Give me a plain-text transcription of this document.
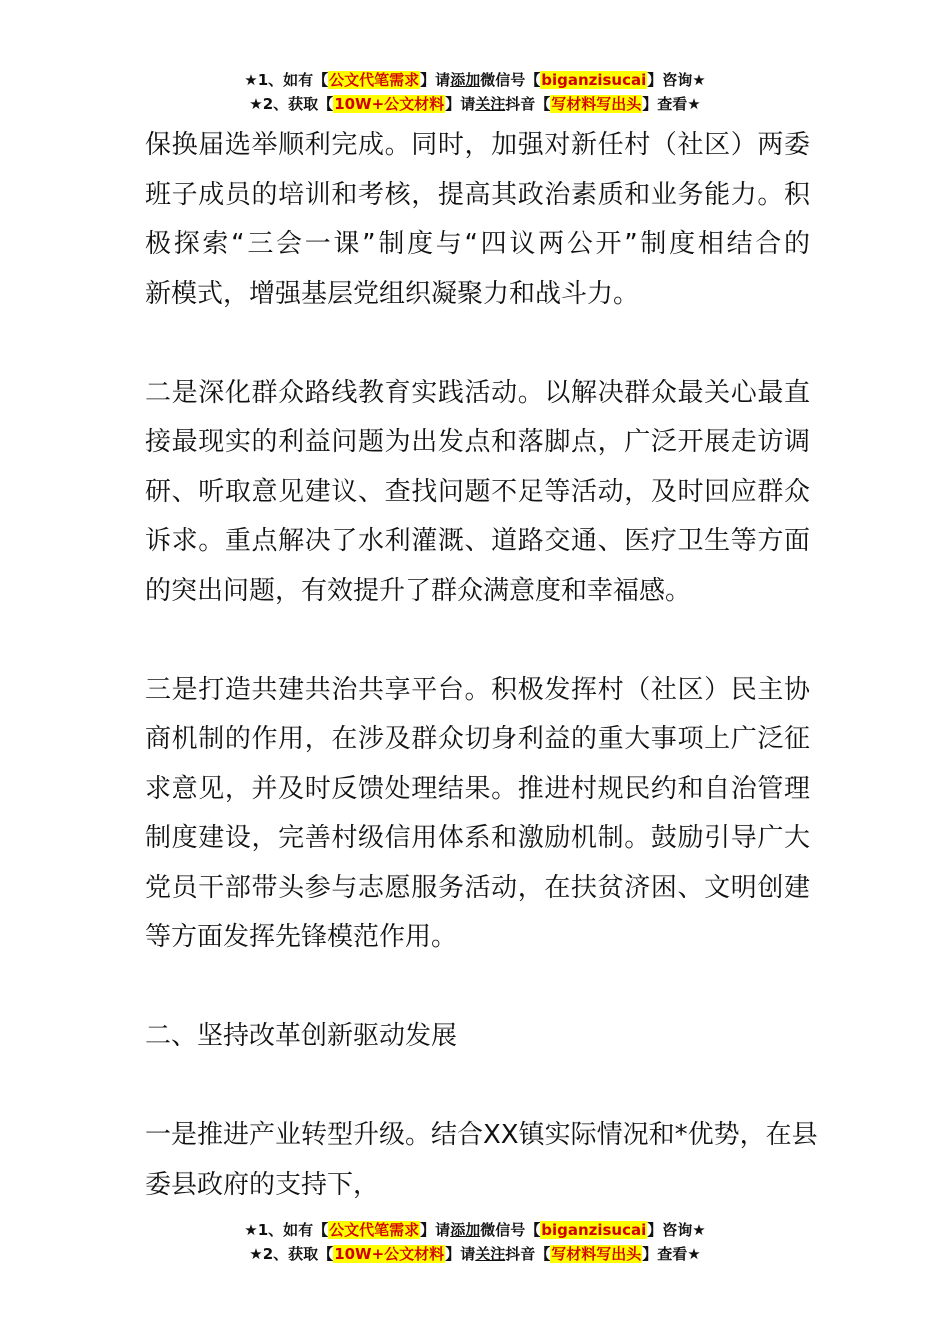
★1、如有【公文代笔需求】请添加微信号【biganzisucai】咨询★
★2、获取【10W+公文材料】请关注抖音【写材料写出头】查看★
保换届选举顺利完成。同时，加强对新任村（社区）两委
班子成员的培训和考核，提高其政治素质和业务能力。积
极探索“三会一课”制度与“四议两公开”制度相结合的
新模式，增强基层党组织凝聚力和战斗力。
二是深化群众路线教育实践活动。以解决群众最关心最直
接最现实的利益问题为出发点和落脚点，广泛开展走访调
研、听取意见建议、查找问题不足等活动，及时回应群众
诉求。重点解决了水利灌溉、道路交通、医疗卫生等方面
的突出问题，有效提升了群众满意度和幸福感。
三是打造共建共治共享平台。积极发挥村（社区）民主协
商机制的作用，在涉及群众切身利益的重大事项上广泛征
求意见，并及时反馈处理结果。推进村规民约和自治管理
制度建设，完善村级信用体系和激励机制。鼓励引导广大
党员干部带头参与志愿服务活动，在扶贫济困、文明创建
等方面发挥先锋模范作用。
二、坚持改革创新驱动发展
一是推进产业转型升级。结合XX镇实际情况和*优势，在县
委县政府的支持下，
★1、如有【公文代笔需求】请添加微信号【biganzisucai】咨询★
★2、获取【10W+公文材料】请关注抖音【写材料写出头】查看★
